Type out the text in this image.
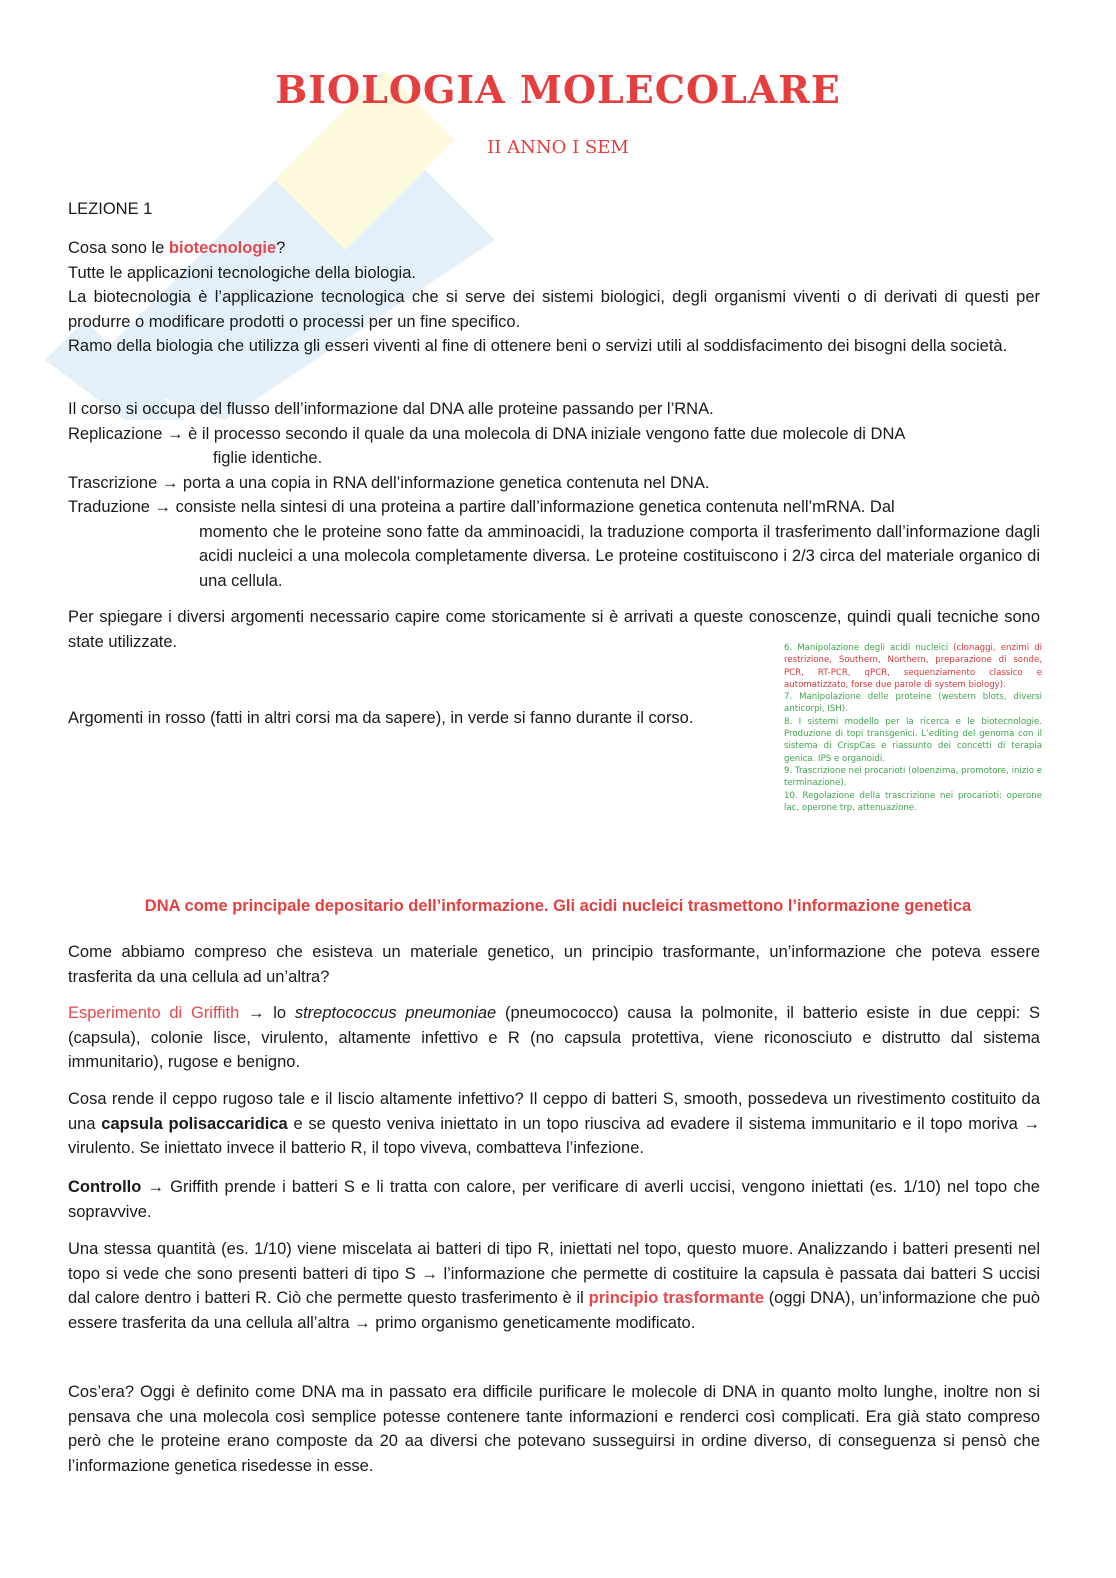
BIOLOGIA MOLECOLARE
II ANNO I SEM
LEZIONE 1
Cosa sono le biotecnologie?
Tutte le applicazioni tecnologiche della biologia.
La biotecnologia è l’applicazione tecnologica che si serve dei sistemi biologici, degli organismi viventi o di derivati di questi per produrre o modificare prodotti o processi per un fine specifico.
Ramo della biologia che utilizza gli esseri viventi al fine di ottenere beni o servizi utili al soddisfacimento dei bisogni della società.
Il corso si occupa del flusso dell’informazione dal DNA alle proteine passando per l’RNA.
Replicazione → è il processo secondo il quale da una molecola di DNA iniziale vengono fatte due molecole di DNA
figlie identiche.
Trascrizione → porta a una copia in RNA dell’informazione genetica contenuta nel DNA.
Traduzione → consiste nella sintesi di una proteina a partire dall’informazione genetica contenuta nell’mRNA. Dal
momento che le proteine sono fatte da amminoacidi, la traduzione comporta il trasferimento dall’informazione dagli acidi nucleici a una molecola completamente diversa. Le proteine costituiscono i 2/3 circa del materiale organico di una cellula.
Per spiegare i diversi argomenti necessario capire come storicamente si è arrivati a queste conoscenze, quindi quali tecniche sono state utilizzate.
Argomenti in rosso (fatti in altri corsi ma da sapere), in verde si fanno durante il corso.

6. Manipolazione degli acidi nucleici (clonaggi, enzimi di restrizione, Southern, Northern, preparazione di sonde, PCR, RT-PCR, qPCR, sequenziamento classico e automatizzato, forse due parole di system biology).

7. Manipolazione delle proteine (western blots, diversi anticorpi, ISH).

8. I sistemi modello per la ricerca e le biotecnologie. Produzione di topi transgenici. L’editing del genoma con il sistema di CrispCas e riassunto dei concetti di terapia genica. IPS e organoidi.

9. Trascrizione nei procarioti (oloenzima, promotore, inizio e terminazione).

10. Regolazione della trascrizione nei procarioti: operone lac, operone trp, attenuazione.

DNA come principale depositario dell’informazione. Gli acidi nucleici trasmettono l’informazione genetica
Come abbiamo compreso che esisteva un materiale genetico, un principio trasformante, un’informazione che poteva essere trasferita da una cellula ad un’altra?
Esperimento di Griffith → lo streptococcus pneumoniae (pneumococco) causa la polmonite, il batterio esiste in due ceppi: S (capsula), colonie lisce, virulento, altamente infettivo e R (no capsula protettiva, viene riconosciuto e distrutto dal sistema immunitario), rugose e benigno.
Cosa rende il ceppo rugoso tale e il liscio altamente infettivo? Il ceppo di batteri S, smooth, possedeva un rivestimento costituito da una capsula polisaccaridica e se questo veniva iniettato in un topo riusciva ad evadere il sistema immunitario e il topo moriva → virulento. Se iniettato invece il batterio R, il topo viveva, combatteva l’infezione.
Controllo → Griffith prende i batteri S e li tratta con calore, per verificare di averli uccisi, vengono iniettati (es. 1/10) nel topo che sopravvive.
Una stessa quantità (es. 1/10) viene miscelata ai batteri di tipo R, iniettati nel topo, questo muore. Analizzando i batteri presenti nel topo si vede che sono presenti batteri di tipo S → l’informazione che permette di costituire la capsula è passata dai batteri S uccisi dal calore dentro i batteri R. Ciò che permette questo trasferimento è il principio trasformante (oggi DNA), un’informazione che può essere trasferita da una cellula all’altra → primo organismo geneticamente modificato.
Cos’era? Oggi è definito come DNA ma in passato era difficile purificare le molecole di DNA in quanto molto lunghe, inoltre non si pensava che una molecola così semplice potesse contenere tante informazioni e renderci così complicati. Era già stato compreso però che le proteine erano composte da 20 aa diversi che potevano susseguirsi in ordine diverso, di conseguenza si pensò che l’informazione genetica risedesse in esse.
